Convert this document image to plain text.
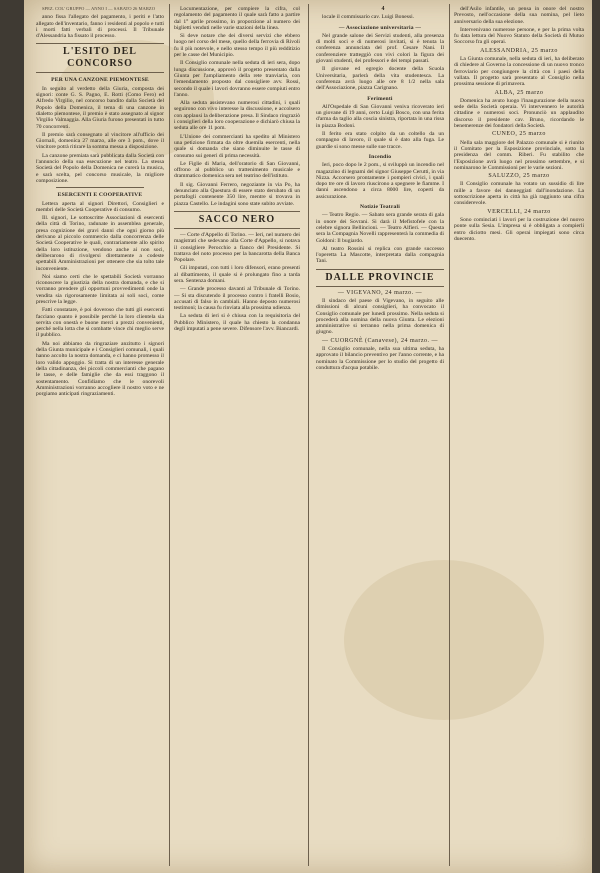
SPEZ. COL' GRUPPO — ANNO I — SABATO 26 MARZO

anno fissa l'allegato del pagamento, i periti e l'atto allegato dell'inventario, fanno i residenti al popolo e tutti i morti fatti verbali di processi. Il Tribunale d'Alessandria ha fissato il processo.

L'ESITO DEL CONCORSO
PER UNA CANZONE PIEMONTESE

In seguito al verdetto della Giuria, composta dei signori: conte G. S. Pagno, E. Rotti (Como Fero) ed Alfredo Virgilio, nel concorso bandito dalla Società del Popolo della Domenica, il tema di una canzone in dialetto piemontese, il premio è stato assegnato al signor Virgilio Valmaggia. Alla Giuria furono presentati in tutto 70 concorrenti.

Il premio sarà consegnato al vincitore all'ufficio dei Giornali, domenica 27 marzo, alle ore 3 pom., dove il vincitore potrà ritirare la somma messa a disposizione.

La canzone premiata sarà pubblicata dalla Società con l'annuncio della sua esecuzione nel teatro. La stessa Società del Popolo della Domenica ne curerà la musica, e sarà scelta, pel concorso musicale, la migliore composizione.

ESERCENTI E COOPERATIVE

Lettera aperta al signori Direttori, Consiglieri e membri delle Società Cooperative di consumo.

Ill. signori, Le sottoscritte Associazioni di esercenti della città di Torino, radunate in assemblea generale, presa cognizione dei gravi danni che ogni giorno più derivano al piccolo commercio dalla concorrenza delle Società Cooperative le quali, contrariamente allo spirito della loro istituzione, vendono anche ai non soci, deliberarono di rivolgersi direttamente a codeste spettabili Amministrazioni per ottenere che sia tolto tale inconveniente.

Noi siamo certi che le spettabili Società vorranno riconoscere la giustizia della nostra domanda, e che si vorranno prendere gli opportuni provvedimenti onde la vendita sia rigorosamente limitata ai soli soci, come prescrive la legge.

Fatti constatare, è poi doveroso che tutti gli esercenti facciano quanto è possibile perché la loro clientela sia servita con onestà e buone merci a prezzi convenienti, perché nella lotta che si combatte vince chi meglio serve il pubblico.

Ma noi abbiamo da ringraziare anzitutto i signori della Giunta municipale e i Consiglieri comunali, i quali hanno accolto la nostra domanda, e ci hanno promesso il loro valido appoggio. Si tratta di un interesse generale della cittadinanza, dei piccoli commercianti che pagano le tasse, e delle famiglie che da essi traggono il sostentamento. Confidiamo che le onorevoli Amministrazioni vorranno accogliere il nostro voto e ne porgiamo anticipati ringraziamenti.

Locumentazione, per compiere la cifra, col regolamento del pagamento il quale sarà fatto a partire dal 1° aprile prossimo, in proporzione al numero dei biglietti venduti nelle varie stazioni della linea.

Si deve notare che dei diversi servizi che ebbero luogo nel corso del mese, quello della ferrovia di Rivoli fu il più notevole, e nello stesso tempo il più redditizio per le casse del Municipio.

Il Consiglio comunale nella seduta di ieri sera, dopo lunga discussione, approvò il progetto presentato dalla Giunta per l'ampliamento della rete tranviaria, con l'emendamento proposto dal consigliere avv. Rossi, secondo il quale i lavori dovranno essere compiuti entro l'anno.

Alla seduta assistevano numerosi cittadini, i quali seguirono con vivo interesse la discussione, e accolsero con applausi la deliberazione presa. Il Sindaco ringraziò i consiglieri della loro cooperazione e dichiarò chiusa la seduta alle ore 11 pom.

L'Unione dei commercianti ha spedito al Ministero una petizione firmata da oltre duemila esercenti, nella quale si domanda che siano diminuite le tasse di consumo sui generi di prima necessità.

Le Figlie di Maria, dell'oratorio di San Giovanni, offrono al pubblico un trattenimento musicale e drammatico domenica sera nel teatrino dell'istituto.

Il sig. Giovanni Ferrero, negoziante in via Po, ha denunciato alla Questura di essere stato derubato di un portafogli contenente 350 lire, mentre si trovava in piazza Castello. Le indagini sono state subito avviate.

SACCO NERO

— Corte d'Appello di Torino. — Ieri, nel numero dei magistrati che sedevano alla Corte d'Appello, si notava il consigliere Perocchio a fianco del Presidente. Si trattava del noto processo per la bancarotta della Banca Popolare.

Gli imputati, con tutti i loro difensori, erano presenti al dibattimento, il quale si è prolungato fino a tarda sera. Sentenza domani.

— Grande processo davanti al Tribunale di Torino. — Si sta discutendo il processo contro i fratelli Bosio, accusati di falso in cambiali. Hanno deposto numerosi testimoni; la causa fu rinviata alla prossima udienza.

La seduta di ieri si è chiusa con la requisitoria del Pubblico Ministero, il quale ha chiesto la condanna degli imputati a pene severe. Difensore l'avv. Biancardi.

4

locale il commissario cav. Luigi Bonessi.

— Associazione universitaria —

Nel grande salone dei Servizi studenti, alla presenza di molti soci e di numerosi invitati, si è tenuta la conferenza annunciata del prof. Cesare Nani. Il conferenziere tratteggiò con vivi colori la figura dei giovani studenti, dei professori e dei tempi passati.

Il giovane ed egregio docente della Scuola Universitaria, parlerà della vita studentesca. La conferenza avrà luogo alle ore 8 1/2 nella sala dell'Associazione, piazza Carignano.

Ferimenti

All'Ospedale di San Giovanni veniva ricoverato ieri un giovane di 19 anni, certo Luigi Bosco, con una ferita d'arma da taglio alla coscia sinistra, riportata in una rissa in piazza Bodoni.

Il ferito era stato colpito da un coltello da un compagno di lavoro, il quale si è dato alla fuga. Le guardie si sono messe sulle sue tracce.

Incendio

Ieri, poco dopo le 2 pom., si sviluppò un incendio nel magazzino di legnami del signor Giuseppe Cerutti, in via Nizza. Accorsero prontamente i pompieri civici, i quali dopo tre ore di lavoro riuscirono a spegnere le fiamme. I danni ascendono a circa 8000 lire, coperti da assicurazione.

Notizie Teatrali

— Teatro Regio. — Sabato sera grande serata di gala in onore dei Sovrani. Si darà il Mefistofele con la celebre signora Bellincioni. — Teatro Alfieri. — Questa sera la Compagnia Novelli rappresenterà la commedia di Goldoni: Il bugiardo.

Al teatro Rossini si replica con grande successo l'operetta La Mascotte, interpretata dalla compagnia Tani.

DALLE PROVINCIE
— VIGEVANO, 24 marzo. —

Il sindaco del paese di Vigevano, in seguito alle dimissioni di alcuni consiglieri, ha convocato il Consiglio comunale per lunedì prossimo. Nella seduta si procederà alla nomina della nuova Giunta. Le elezioni amministrative si terranno nella prima domenica di giugno.

— CUORGNÈ (Canavese), 24 marzo. —

Il Consiglio comunale, nella sua ultima seduta, ha approvato il bilancio preventivo per l'anno corrente, e ha nominato la Commissione per lo studio del progetto di conduttura d'acqua potabile.

dell'Asilo infantile, un pensa in onore del nostro Prevosto, nell'occasione della sua nomina, pel lieto anniversario della sua elezione.

Intervenivano numerose persone, e per la prima volta fu data lettura del Nuovo Statuto della Società di Mutuo Soccorso fra gli operai.

ALESSANDRIA, 25 marzo

La Giunta comunale, nella seduta di ieri, ha deliberato di chiedere al Governo la concessione di un nuovo tronco ferroviario per congiungere la città con i paesi della vallata. Il progetto sarà presentato al Consiglio nella prossima sessione di primavera.

ALBA, 25 marzo

Domenica ha avuto luogo l'inaugurazione della nuova sede della Società operaia. Vi intervennero le autorità cittadine e numerosi soci. Pronunciò un applaudito discorso il presidente cav. Bruno, ricordando le benemerenze dei fondatori della Società.

CUNEO, 25 marzo

Nella sala maggiore del Palazzo comunale si è riunito il Comitato per la Esposizione provinciale, sotto la presidenza del comm. Riberi. Fu stabilito che l'Esposizione avrà luogo nel prossimo settembre, e si nominarono le Commissioni per le varie sezioni.

SALUZZO, 25 marzo

Il Consiglio comunale ha votato un sussidio di lire mille a favore dei danneggiati dall'inondazione. La sottoscrizione aperta in città ha già raggiunto una cifra considerevole.

VERCELLI, 24 marzo

Sono cominciati i lavori per la costruzione del nuovo ponte sulla Sesia. L'impresa si è obbligata a compierli entro diciotto mesi. Gli operai impiegati sono circa duecento.
